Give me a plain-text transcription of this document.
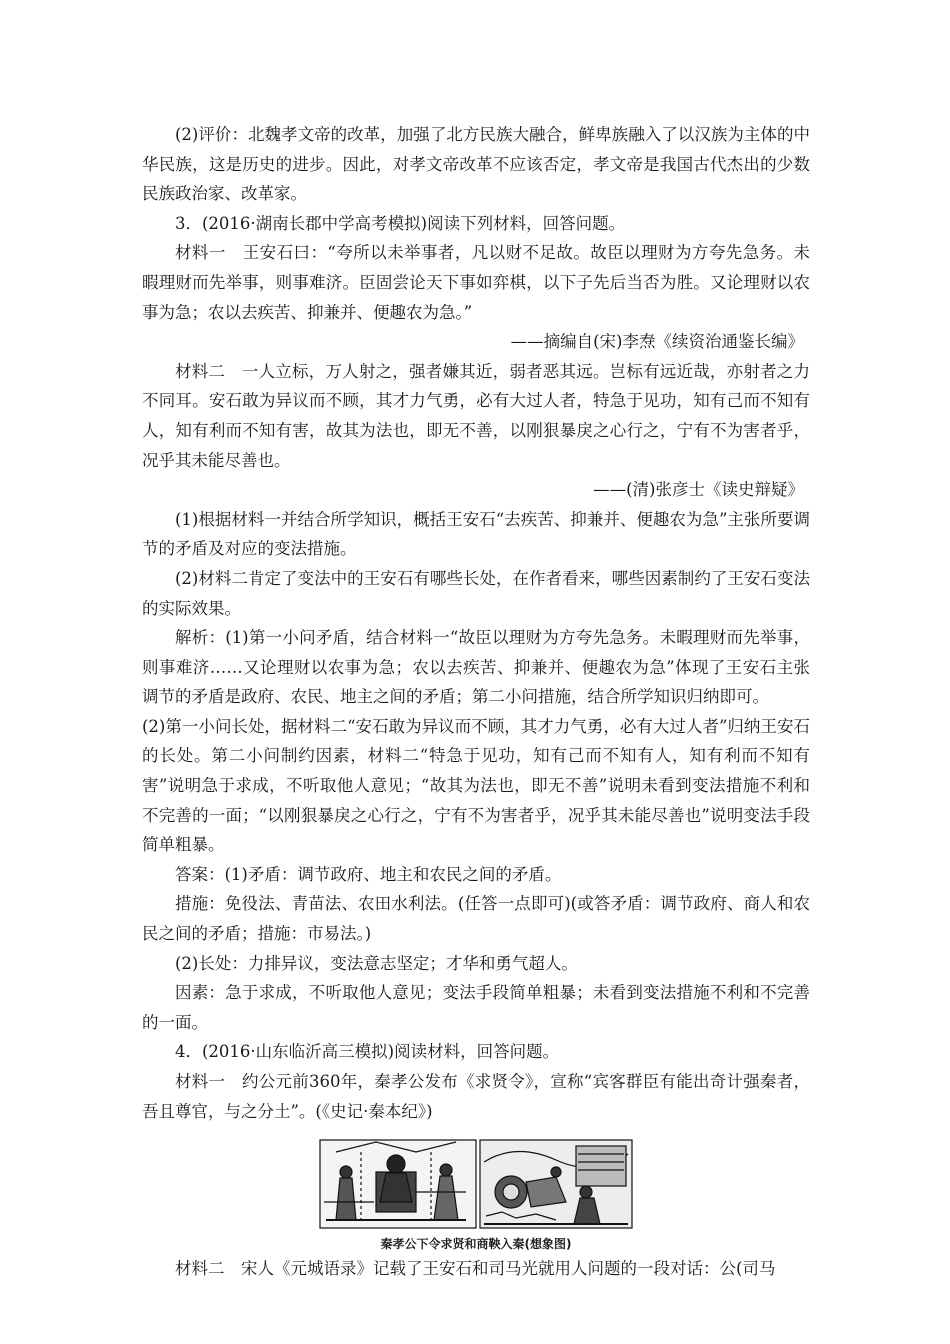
(2)评价：北魏孝文帝的改革，加强了北方民族大融合，鲜卑族融入了以汉族为主体的中华民族，这是历史的进步。因此，对孝文帝改革不应该否定，孝文帝是我国古代杰出的少数民族政治家、改革家。

3．(2016·湖南长郡中学高考模拟)阅读下列材料，回答问题。

材料一　王安石曰：“夸所以未举事者，凡以财不足故。故臣以理财为方夸先急务。未暇理财而先举事，则事难济。臣固尝论天下事如弈棋，以下子先后当否为胜。又论理财以农事为急；农以去疾苦、抑兼并、便趣农为急。”

——摘编自(宋)李焘《续资治通鉴长编》

材料二　一人立标，万人射之，强者嫌其近，弱者恶其远。岂标有远近哉，亦射者之力不同耳。安石敢为异议而不顾，其才力气勇，必有大过人者，特急于见功，知有己而不知有人，知有利而不知有害，故其为法也，即无不善，以刚狠暴戾之心行之，宁有不为害者乎，况乎其未能尽善也。

——(清)张彦士《读史辩疑》

(1)根据材料一并结合所学知识，概括王安石“去疾苦、抑兼并、便趣农为急”主张所要调节的矛盾及对应的变法措施。

(2)材料二肯定了变法中的王安石有哪些长处，在作者看来，哪些因素制约了王安石变法的实际效果。

解析：(1)第一小问矛盾，结合材料一“故臣以理财为方夸先急务。未暇理财而先举事，则事难济……又论理财以农事为急；农以去疾苦、抑兼并、便趣农为急”体现了王安石主张调节的矛盾是政府、农民、地主之间的矛盾；第二小问措施，结合所学知识归纳即可。

(2)第一小问长处，据材料二“安石敢为异议而不顾，其才力气勇，必有大过人者”归纳王安石的长处。第二小问制约因素，材料二“特急于见功，知有己而不知有人，知有利而不知有害”说明急于求成，不听取他人意见；“故其为法也，即无不善”说明未看到变法措施不利和不完善的一面；“以刚狠暴戾之心行之，宁有不为害者乎，况乎其未能尽善也”说明变法手段简单粗暴。

答案：(1)矛盾：调节政府、地主和农民之间的矛盾。

措施：免役法、青苗法、农田水利法。(任答一点即可)(或答矛盾：调节政府、商人和农民之间的矛盾；措施：市易法。)

(2)长处：力排异议，变法意志坚定；才华和勇气超人。

因素：急于求成，不听取他人意见；变法手段简单粗暴；未看到变法措施不利和不完善的一面。

4．(2016·山东临沂高三模拟)阅读材料，回答问题。

材料一　约公元前360年，秦孝公发布《求贤令》，宣称“宾客群臣有能出奇计强秦者，吾且尊官，与之分土”。(《史记·秦本纪》)

秦孝公下令求贤和商鞅入秦(想象图)

材料二　宋人《元城语录》记载了王安石和司马光就用人问题的一段对话：公(司马
